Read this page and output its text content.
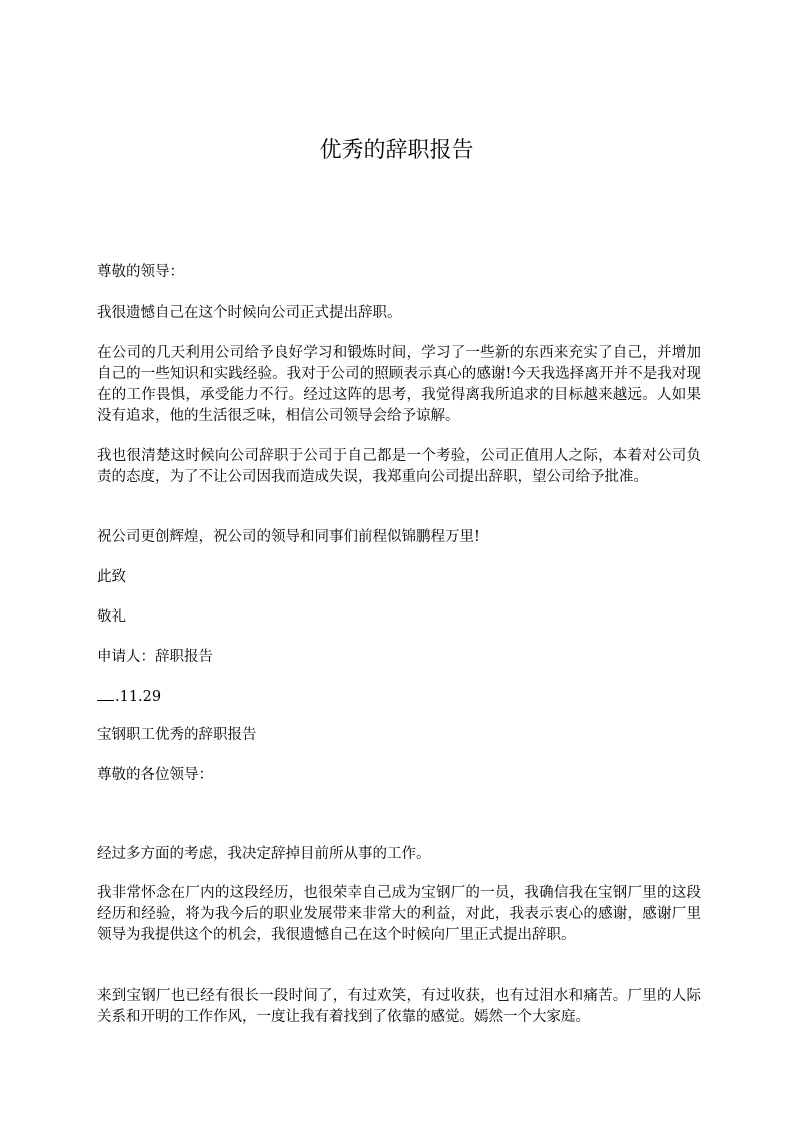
优秀的辞职报告

尊敬的领导：

我很遗憾自己在这个时候向公司正式提出辞职。

在公司的几天利用公司给予良好学习和锻炼时间，学习了一些新的东西来充实了自己，并增加自己的一些知识和实践经验。我对于公司的照顾表示真心的感谢!今天我选择离开并不是我对现在的工作畏惧，承受能力不行。经过这阵的思考，我觉得离我所追求的目标越来越远。人如果没有追求，他的生活很乏味，相信公司领导会给予谅解。

我也很清楚这时候向公司辞职于公司于自己都是一个考验，公司正值用人之际，本着对公司负责的态度，为了不让公司因我而造成失误，我郑重向公司提出辞职，望公司给予批准。

祝公司更创辉煌，祝公司的领导和同事们前程似锦鹏程万里!

此致

敬礼

申请人：辞职报告

.11.29

宝钢职工优秀的辞职报告

尊敬的各位领导：

经过多方面的考虑，我决定辞掉目前所从事的工作。

我非常怀念在厂内的这段经历，也很荣幸自己成为宝钢厂的一员，我确信我在宝钢厂里的这段经历和经验，将为我今后的职业发展带来非常大的利益，对此，我表示衷心的感谢，感谢厂里领导为我提供这个的机会，我很遗憾自己在这个时候向厂里正式提出辞职。

来到宝钢厂也已经有很长一段时间了，有过欢笑，有过收获，也有过泪水和痛苦。厂里的人际关系和开明的工作作风，一度让我有着找到了依靠的感觉。嫣然一个大家庭。
